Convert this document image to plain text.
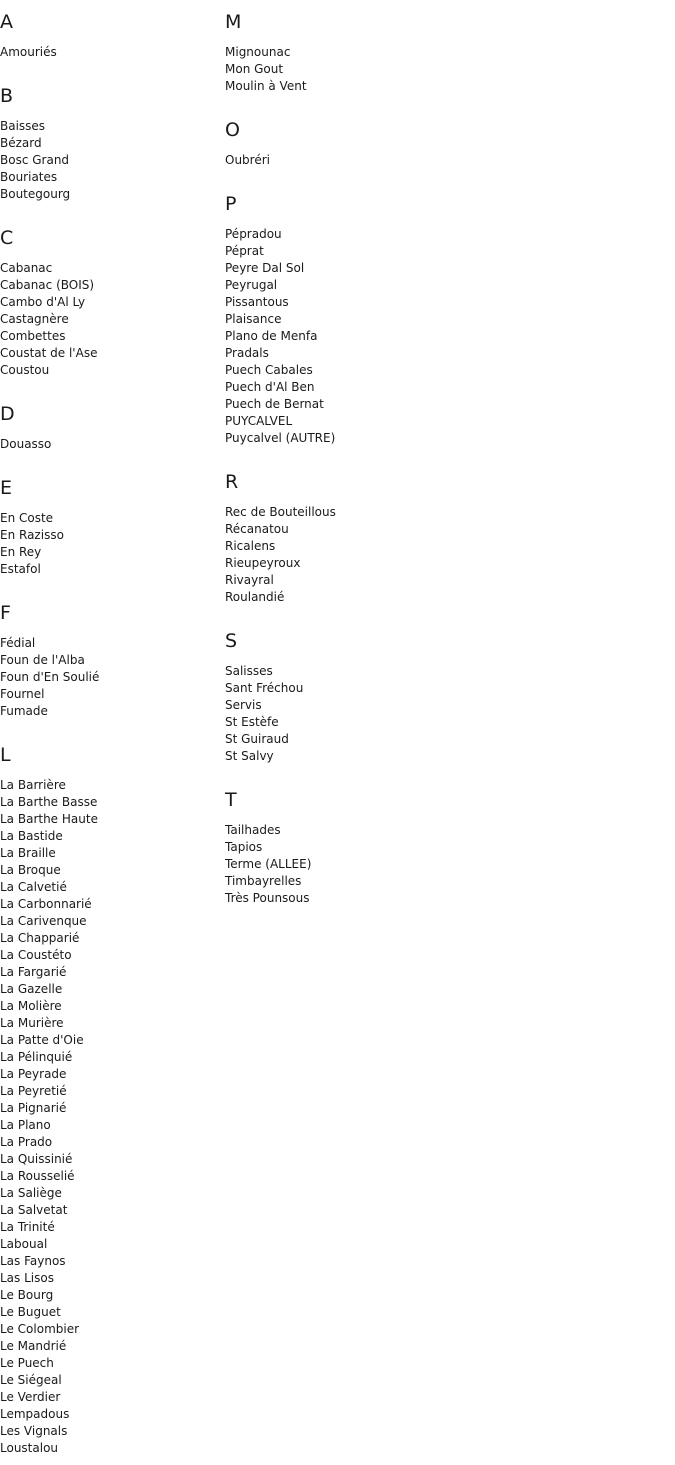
A
Amouriés
B
Baisses
Bézard
Bosc Grand
Bouriates
Boutegourg
C
Cabanac
Cabanac (BOIS)
Cambo d'Al Ly
Castagnère
Combettes
Coustat de l'Ase
Coustou
D
Douasso
E
En Coste
En Razisso
En Rey
Estafol
F
Fédial
Foun de l'Alba
Foun d'En Soulié
Fournel
Fumade
L
La Barrière
La Barthe Basse
La Barthe Haute
La Bastide
La Braille
La Broque
La Calvetié
La Carbonnarié
La Carivenque
La Chapparié
La Coustéto
La Fargarié
La Gazelle
La Molière
La Murière
La Patte d'Oie
La Pélinquié
La Peyrade
La Peyretié
La Pignarié
La Plano
La Prado
La Quissinié
La Rousselié
La Saliège
La Salvetat
La Trinité
Laboual
Las Faynos
Las Lisos
Le Bourg
Le Buguet
Le Colombier
Le Mandrié
Le Puech
Le Siégeal
Le Verdier
Lempadous
Les Vignals
Loustalou
M
Mignounac
Mon Gout
Moulin à Vent
O
Oubréri
P
Pépradou
Péprat
Peyre Dal Sol
Peyrugal
Pissantous
Plaisance
Plano de Menfa
Pradals
Puech Cabales
Puech d'Al Ben
Puech de Bernat
PUYCALVEL
Puycalvel (AUTRE)
R
Rec de Bouteillous
Récanatou
Ricalens
Rieupeyroux
Rivayral
Roulandié
S
Salisses
Sant Fréchou
Servis
St Estèfe
St Guiraud
St Salvy
T
Tailhades
Tapios
Terme (ALLEE)
Timbayrelles
Très Pounsous
